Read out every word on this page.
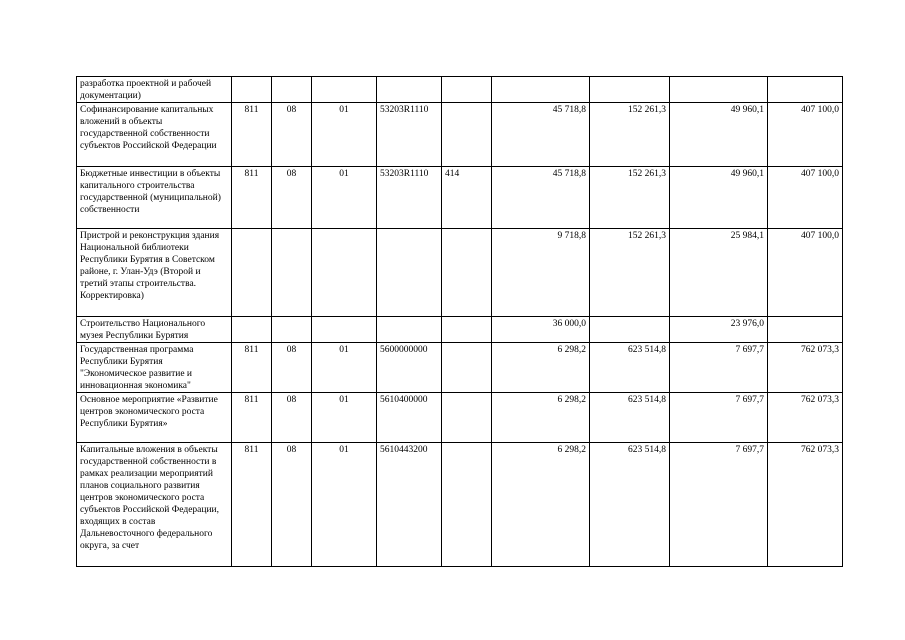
разработка проектной и рабочей документации)									
Софинансирование капитальных вложений в объекты государственной собственности субъектов Российской Федерации	811	08	01	53203R1110		45 718,8	152 261,3	49 960,1	407 100,0
Бюджетные инвестиции в объекты капитального строительства государственной (муниципальной) собственности	811	08	01	53203R1110	414	45 718,8	152 261,3	49 960,1	407 100,0
Пристрой и реконструкция здания Национальной библиотеки Республики Бурятия в Советском районе, г. Улан-Удэ (Второй и третий этапы строительства. Корректировка)						9 718,8	152 261,3	25 984,1	407 100,0
Строительство Национального музея Республики Бурятия						36 000,0		23 976,0	
Государственная программа Республики Бурятия "Экономическое развитие и инновационная экономика"	811	08	01	5600000000		6 298,2	623 514,8	7 697,7	762 073,3
Основное мероприятие «Развитие центров экономического роста Республики Бурятия»	811	08	01	5610400000		6 298,2	623 514,8	7 697,7	762 073,3
Капитальные вложения в объекты государственной собственности в рамках реализации мероприятий планов социального развития центров экономического роста субъектов Российской Федерации, входящих в состав Дальневосточного федерального округа, за счет	811	08	01	5610443200		6 298,2	623 514,8	7 697,7	762 073,3
